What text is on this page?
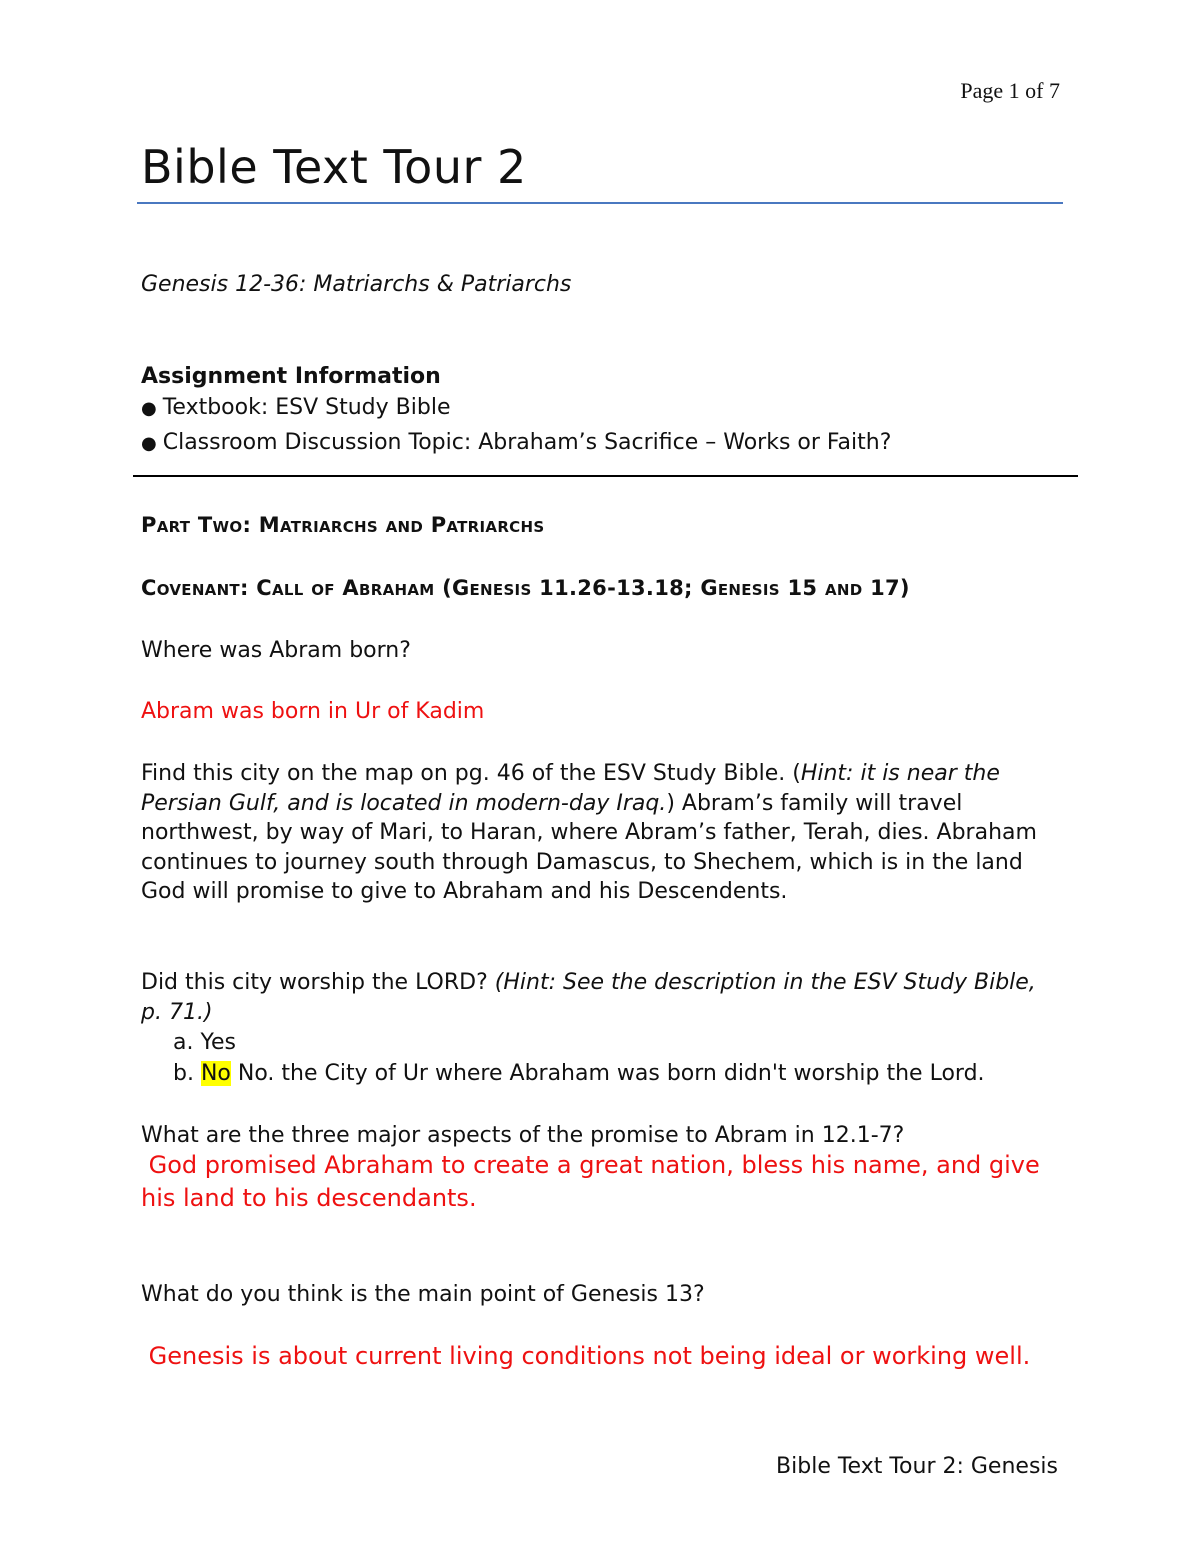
Page 1 of 7
Bible Text Tour 2
Genesis 12-36: Matriarchs & Patriarchs
Assignment Information
● Textbook: ESV Study Bible
● Classroom Discussion Topic: Abraham’s Sacrifice – Works or Faith?
Part Two: Matriarchs and Patriarchs
Covenant: Call of Abraham (Genesis 11.26-13.18; Genesis 15 and 17)
Where was Abram born?
Abram was born in Ur of Kadim

Find this city on the map on pg. 46 of the ESV Study Bible. (Hint: it is near the Persian Gulf, and is located in modern-day Iraq.) Abram’s family will travel northwest, by way of Mari, to Haran, where Abram’s father, Terah, dies. Abraham continues to journey south through Damascus, to Shechem, which is in the land God will promise to give to Abraham and his Descendents.

Did this city worship the LORD? (Hint: See the description in the ESV Study Bible, p. 71.)
a. Yes
b. No No. the City of Ur where Abraham was born didn't worship the Lord.
What are the three major aspects of the promise to Abram in 12.1-7?
God promised Abraham to create a great nation, bless his name, and give his land to his descendants.
What do you think is the main point of Genesis 13?
Genesis is about current living conditions not being ideal or working well.
Bible Text Tour 2: Genesis
